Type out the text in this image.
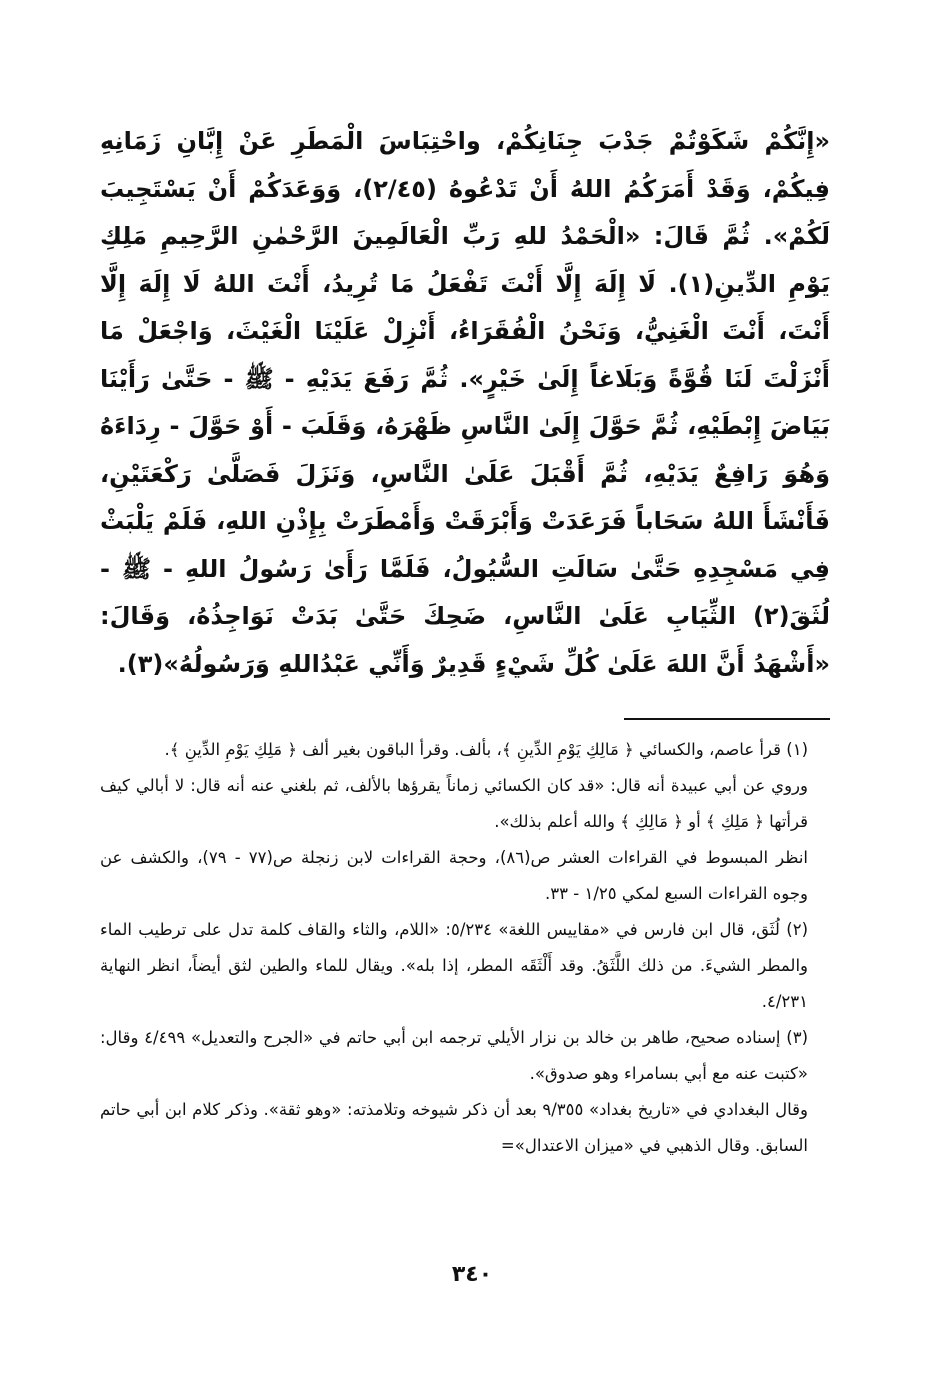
«إِنَّكُمْ شَكَوْتُمْ جَدْبَ جِنَانِكُمْ، واحْتِبَاسَ الْمَطَرِ عَنْ إِبَّانِ زَمَانِهِ فِيكُمْ، وَقَدْ أَمَرَكُمُ اللهُ أَنْ تَدْعُوهُ (٢/٤٥)، وَوَعَدَكُمْ أَنْ يَسْتَجِيبَ لَكُمْ». ثُمَّ قَالَ: «الْحَمْدُ للهِ رَبِّ الْعَالَمِينَ الرَّحْمٰنِ الرَّحِيمِ مَلِكِ يَوْمِ الدِّينِ(١). لَا إِلَهَ إِلَّا أَنْتَ تَفْعَلُ مَا تُرِيدُ، أَنْتَ اللهُ لَا إِلَهَ إِلَّا أَنْتَ، أَنْتَ الْغَنِيُّ، وَنَحْنُ الْفُقَرَاءُ، أَنْزِلْ عَلَيْنَا الْغَيْثَ، وَاجْعَلْ مَا أَنْزَلْتَ لَنَا قُوَّةً وَبَلَاغاً إِلَىٰ خَيْرٍ». ثُمَّ رَفَعَ يَدَيْهِ - ﷺ - حَتَّىٰ رَأَيْنَا بَيَاضَ إِبْطَيْهِ، ثُمَّ حَوَّلَ إِلَىٰ النَّاسِ ظَهْرَهُ، وَقَلَبَ - أَوْ حَوَّلَ - رِدَاءَهُ وَهُوَ رَافِعٌ يَدَيْهِ، ثُمَّ أَقْبَلَ عَلَىٰ النَّاسِ، وَنَزَلَ فَصَلَّىٰ رَكْعَتَيْنِ، فَأَنْشَأَ اللهُ سَحَاباً فَرَعَدَتْ وَأَبْرَقَتْ وَأَمْطَرَتْ بِإِذْنِ اللهِ، فَلَمْ يَلْبَثْ فِي مَسْجِدِهِ حَتَّىٰ سَالَتِ السُّيُولُ، فَلَمَّا رَأَىٰ رَسُولُ اللهِ - ﷺ - لُثَقَ(٢) الثِّيَابِ عَلَىٰ النَّاسِ، ضَحِكَ حَتَّىٰ بَدَتْ نَوَاجِذُهُ، وَقَالَ: «أَشْهَدُ أَنَّ اللهَ عَلَىٰ كُلِّ شَيْءٍ قَدِيرٌ وَأَنِّي عَبْدُاللهِ وَرَسُولُهُ»(٣).

(١) قرأ عاصم، والكسائي ﴿ مَالِكِ يَوْمِ الدِّينِ ﴾، بألف. وقرأ الباقون بغير ألف ﴿ مَلِكِ يَوْمِ الدِّينِ ﴾.

وروي عن أبي عبيدة أنه قال: «قد كان الكسائي زماناً يقرؤها بالألف، ثم بلغني عنه أنه قال: لا أبالي كيف قرأتها ﴿ مَلِكِ ﴾ أو ﴿ مَالِكِ ﴾ والله أعلم بذلك».

انظر المبسوط في القراءات العشر ص(٨٦)، وحجة القراءات لابن زنجلة ص(٧٧ - ٧٩)، والكشف عن وجوه القراءات السبع لمكي ١/٢٥ - ٣٣.

(٢) لُثَق، قال ابن فارس في «مقاييس اللغة» ٥/٢٣٤: «اللام، والثاء والقاف كلمة تدل على ترطيب الماء والمطر الشيءَ. من ذلك اللَّثَقُ. وقد أَلْثَقَه المطر، إذا بله». ويقال للماء والطين لثق أيضاً، انظر النهاية ٤/٢٣١.

(٣) إسناده صحيح، طاهر بن خالد بن نزار الأيلي ترجمه ابن أبي حاتم في «الجرح والتعديل» ٤/٤٩٩ وقال: «كتبت عنه مع أبي بسامراء وهو صدوق».

وقال البغدادي في «تاريخ بغداد» ٩/٣٥٥ بعد أن ذكر شيوخه وتلامذته: «وهو ثقة». وذكر كلام ابن أبي حاتم السابق. وقال الذهبي في «ميزان الاعتدال»=

٣٤٠
